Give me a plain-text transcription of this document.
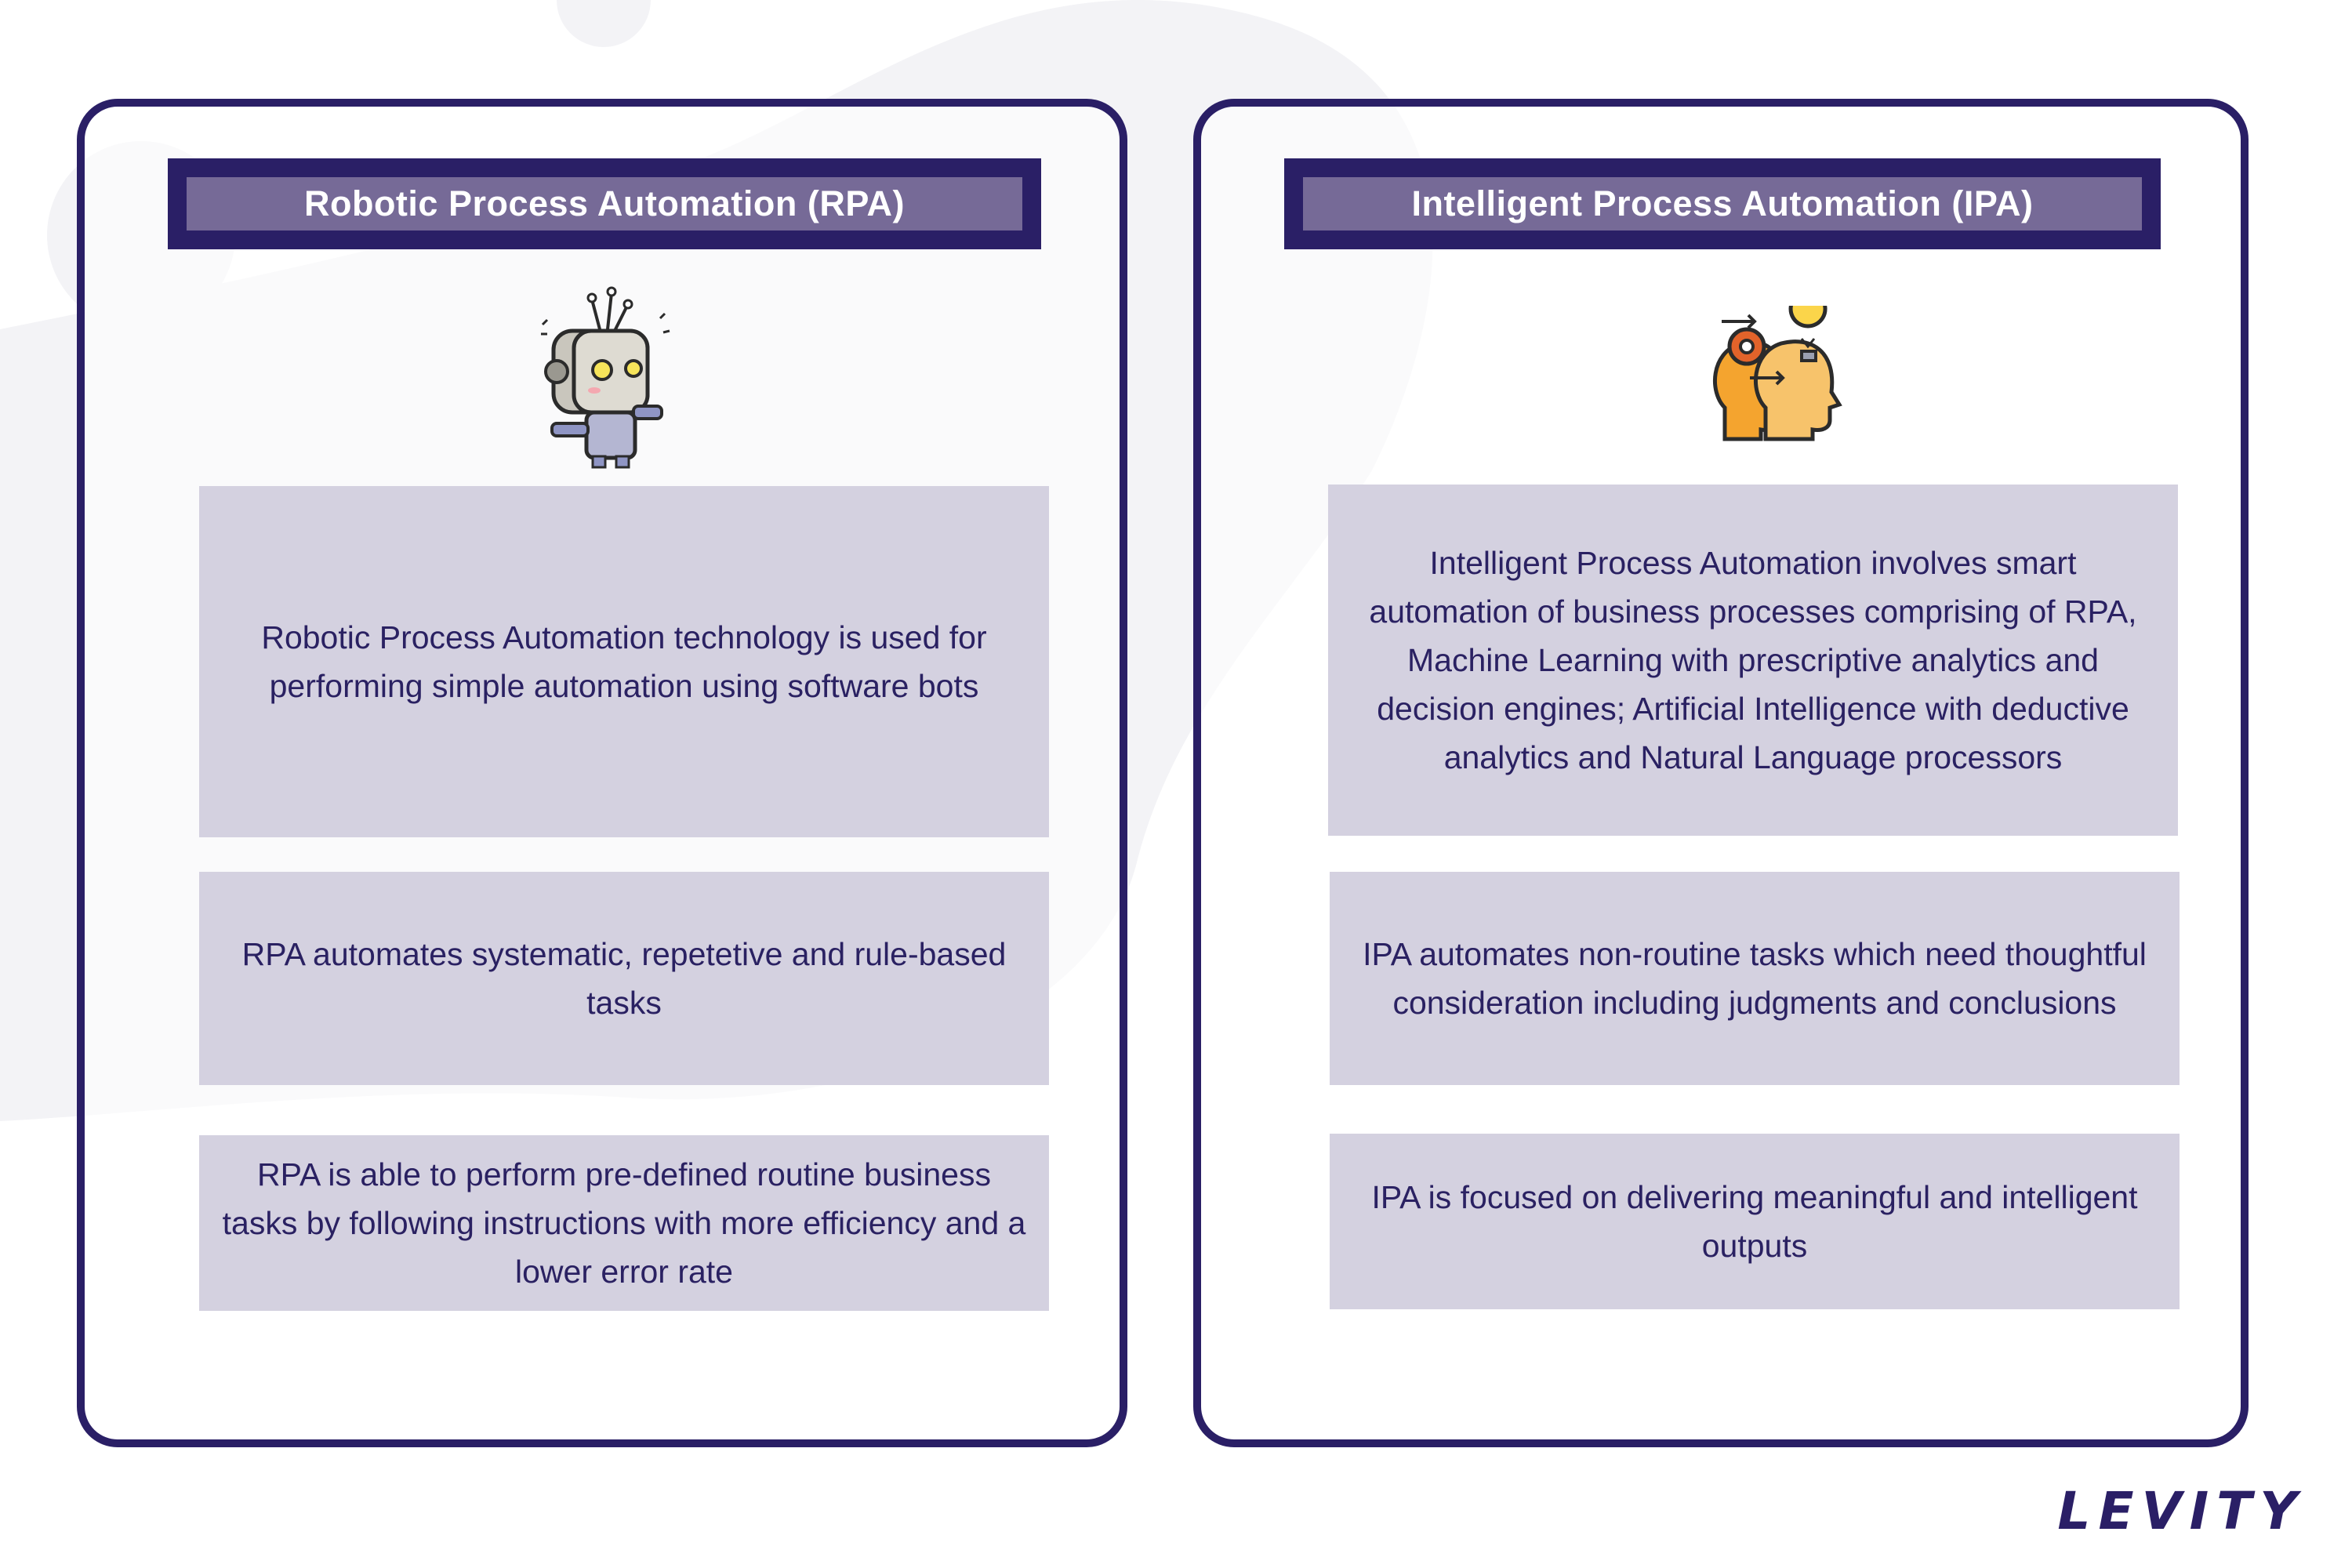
Robotic Process Automation (RPA)
Robotic Process Automation technology is used for performing simple automation using software bots
RPA automates systematic, repetetive and rule-based tasks
RPA is able to perform pre-defined routine business tasks by following instructions with more efficiency and a lower error rate
Intelligent Process Automation (IPA)
Intelligent Process Automation involves smart automation of business processes comprising of RPA, Machine Learning with prescriptive analytics and decision engines; Artificial Intelligence with deductive analytics and Natural Language processors
IPA automates non-routine tasks which need thoughtful consideration including judgments and conclusions
IPA is focused on delivering meaningful and intelligent outputs
LEVITY
